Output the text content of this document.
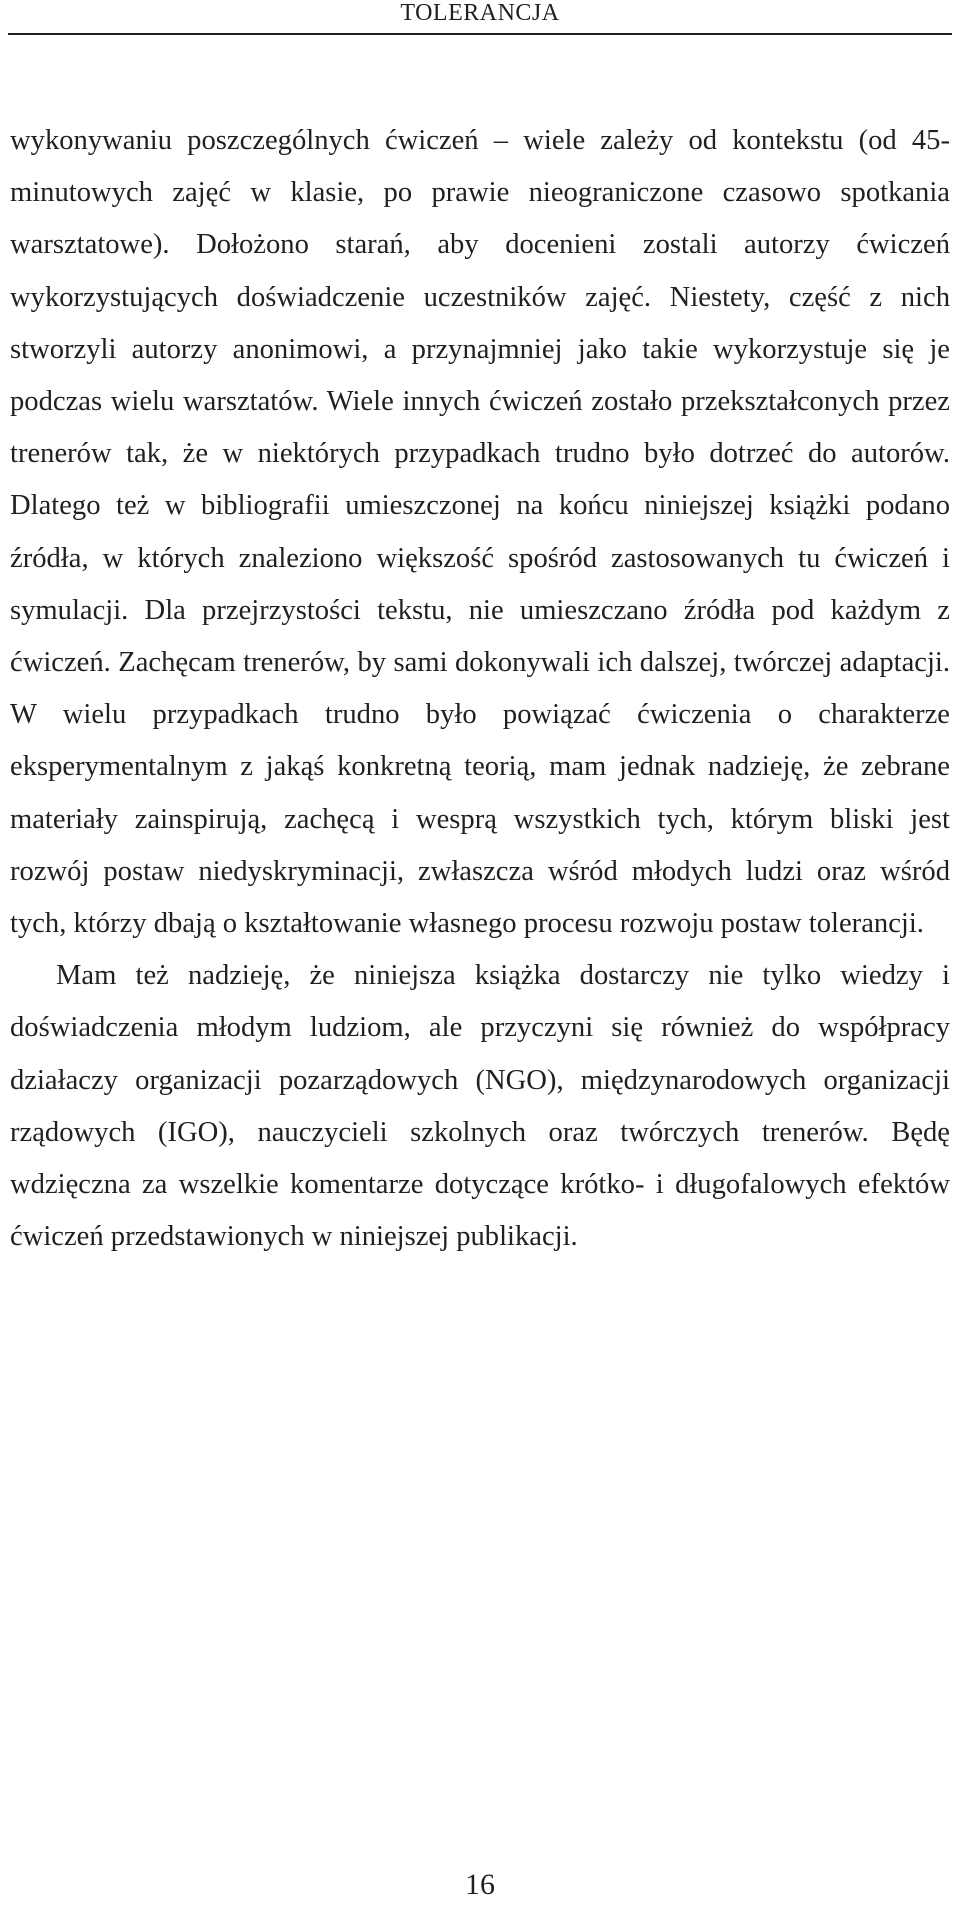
TOLERANCJA

wykonywaniu poszczególnych ćwiczeń – wiele zależy od kontekstu (od 45-minutowych zajęć w klasie, po prawie nieograniczone czasowo spotkania warsztatowe). Dołożono starań, aby docenieni zostali autorzy ćwiczeń wykorzystujących doświadczenie uczestników zajęć. Niestety, część z nich stworzyli autorzy anonimowi, a przynajmniej jako takie wykorzystuje się je podczas wielu warsztatów. Wiele innych ćwiczeń zostało przekształconych przez trenerów tak, że w niektórych przypadkach trudno było dotrzeć do autorów. Dlatego też w bibliografii umieszczonej na końcu niniejszej książki podano źródła, w których znaleziono większość spośród zastosowanych tu ćwiczeń i symulacji. Dla przejrzystości tekstu, nie umieszczano źródła pod każdym z ćwiczeń. Zachęcam trenerów, by sami dokonywali ich dalszej, twórczej adaptacji. W wielu przypadkach trudno było powiązać ćwiczenia o charakterze eksperymentalnym z jakąś konkretną teorią, mam jednak nadzieję, że zebrane materiały zainspirują, zachęcą i wesprą wszystkich tych, którym bliski jest rozwój postaw niedyskryminacji, zwłaszcza wśród młodych ludzi oraz wśród tych, którzy dbają o kształtowanie własnego procesu rozwoju postaw tolerancji.

Mam też nadzieję, że niniejsza książka dostarczy nie tylko wiedzy i doświadczenia młodym ludziom, ale przyczyni się również do współpracy działaczy organizacji pozarządowych (NGO), międzynarodowych organizacji rządowych (IGO), nauczycieli szkolnych oraz twórczych trenerów. Będę wdzięczna za wszelkie komentarze dotyczące krótko- i długofalowych efektów ćwiczeń przedstawionych w niniejszej publikacji.

16
